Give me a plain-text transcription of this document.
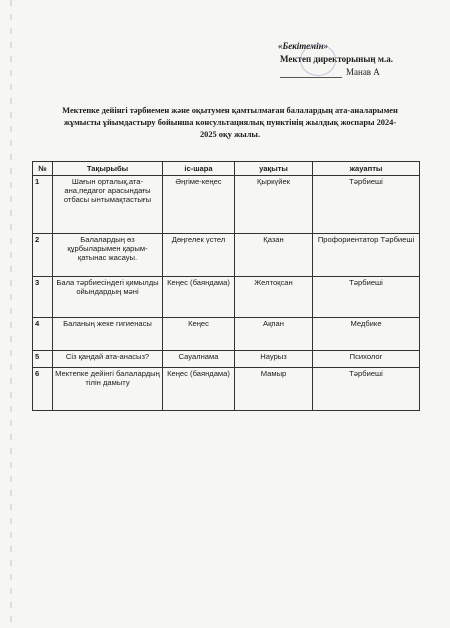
«Бекітемін»
Мектеп директорының м.а.
Манав А
Мектепке дейінгі тәрбиемен және оқытумен қамтылмаған балалардың ата-аналарымен жұмысты ұйымдастыру бойынша консультациялық пунктінің жылдық жоспары 2024-2025 оқу жылы.
№	Тақырыбы	іс-шара	уақыты	жауапты
1	Шағын орталық,ата-ана,педагог арасындағы отбасы ынтымақтастығы	Әңгіме-кеңес	Қыркүйек	Тәрбиеші
2	Балалардың өз құрбыларымен қарым-қатынас жасауы.	Дөңгелек үстел	Қазан	Профориентатор Тәрбиеші
3	Бала тәрбиесіндегі қимылды ойындардың мәні	Кеңес (баяндама)	Желтоқсан	Тәрбиеші
4	Баланың жеке гигиенасы	Кеңес	Ақпан	Медбике
5	Сіз қандай ата-анасыз?	Сауалнама	Наурыз	Психолог
6	Мектепке дейінгі балалардың тілін дамыту	Кеңес (баяндама)	Мамыр	Тәрбиеші
